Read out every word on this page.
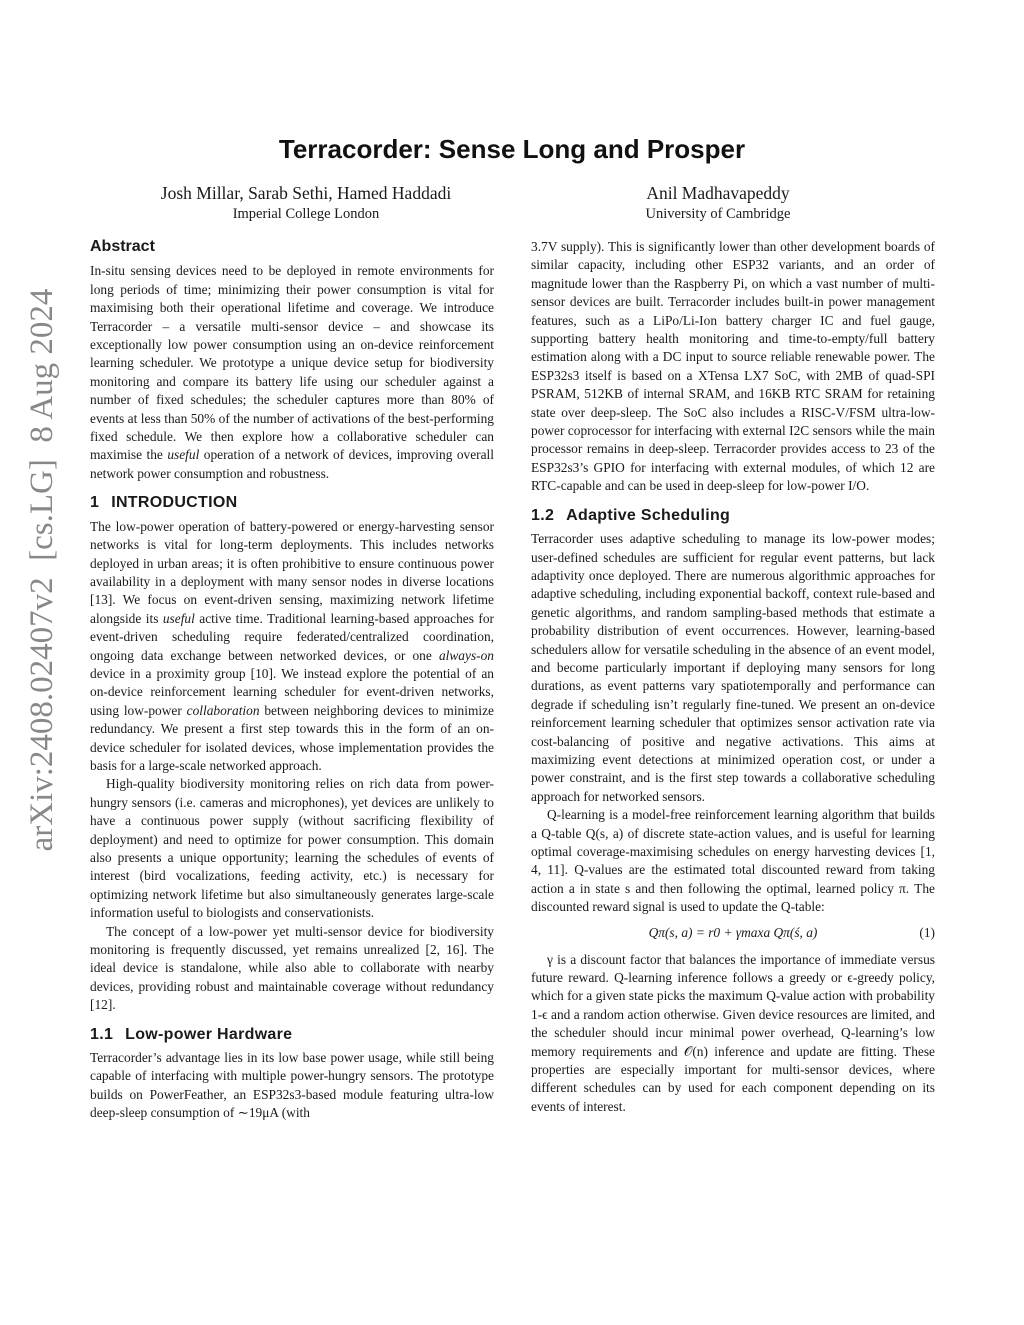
arXiv:2408.02407v2  [cs.LG]  8 Aug 2024
Terracorder: Sense Long and Prosper
Josh Millar, Sarab Sethi, Hamed Haddadi
Imperial College London
Anil Madhavapeddy
University of Cambridge
Abstract

In-situ sensing devices need to be deployed in remote environments for long periods of time; minimizing their power consumption is vital for maximising both their operational lifetime and coverage. We introduce Terracorder – a versatile multi-sensor device – and showcase its exceptionally low power consumption using an on-device reinforcement learning scheduler. We prototype a unique device setup for biodiversity monitoring and compare its battery life using our scheduler against a number of fixed schedules; the scheduler captures more than 80% of events at less than 50% of the number of activations of the best-performing fixed schedule. We then explore how a collaborative scheduler can maximise the useful operation of a network of devices, improving overall network power consumption and robustness.

1 INTRODUCTION

The low-power operation of battery-powered or energy-harvesting sensor networks is vital for long-term deployments. This includes networks deployed in urban areas; it is often prohibitive to ensure continuous power availability in a deployment with many sensor nodes in diverse locations [13]. We focus on event-driven sensing, maximizing network lifetime alongside its useful active time. Traditional learning-based approaches for event-driven scheduling require federated/centralized coordination, ongoing data exchange between networked devices, or one always-on device in a proximity group [10]. We instead explore the potential of an on-device reinforcement learning scheduler for event-driven networks, using low-power collaboration between neighboring devices to minimize redundancy. We present a first step towards this in the form of an on-device scheduler for isolated devices, whose implementation provides the basis for a large-scale networked approach.

High-quality biodiversity monitoring relies on rich data from power-hungry sensors (i.e. cameras and microphones), yet devices are unlikely to have a continuous power supply (without sacrificing flexibility of deployment) and need to optimize for power consumption. This domain also presents a unique opportunity; learning the schedules of events of interest (bird vocalizations, feeding activity, etc.) is necessary for optimizing network lifetime but also simultaneously generates large-scale information useful to biologists and conservationists.

The concept of a low-power yet multi-sensor device for biodiversity monitoring is frequently discussed, yet remains unrealized [2, 16]. The ideal device is standalone, while also able to collaborate with nearby devices, providing robust and maintainable coverage without redundancy [12].

1.1 Low-power Hardware

Terracorder’s advantage lies in its low base power usage, while still being capable of interfacing with multiple power-hungry sensors. The prototype builds on PowerFeather, an ESP32s3-based module featuring ultra-low deep-sleep consumption of ∼19μA (with

3.7V supply). This is significantly lower than other development boards of similar capacity, including other ESP32 variants, and an order of magnitude lower than the Raspberry Pi, on which a vast number of multi-sensor devices are built. Terracorder includes built-in power management features, such as a LiPo/Li-Ion battery charger IC and fuel gauge, supporting battery health monitoring and time-to-empty/full battery estimation along with a DC input to source reliable renewable power. The ESP32s3 itself is based on a XTensa LX7 SoC, with 2MB of quad-SPI PSRAM, 512KB of internal SRAM, and 16KB RTC SRAM for retaining state over deep-sleep. The SoC also includes a RISC-V/FSM ultra-low-power coprocessor for interfacing with external I2C sensors while the main processor remains in deep-sleep. Terracorder provides access to 23 of the ESP32s3’s GPIO for interfacing with external modules, of which 12 are RTC-capable and can be used in deep-sleep for low-power I/O.

1.2 Adaptive Scheduling

Terracorder uses adaptive scheduling to manage its low-power modes; user-defined schedules are sufficient for regular event patterns, but lack adaptivity once deployed. There are numerous algorithmic approaches for adaptive scheduling, including exponential backoff, context rule-based and genetic algorithms, and random sampling-based methods that estimate a probability distribution of event occurrences. However, learning-based schedulers allow for versatile scheduling in the absence of an event model, and become particularly important if deploying many sensors for long durations, as event patterns vary spatiotemporally and performance can degrade if scheduling isn’t regularly fine-tuned. We present an on-device reinforcement learning scheduler that optimizes sensor activation rate via cost-balancing of positive and negative activations. This aims at maximizing event detections at minimized operation cost, or under a power constraint, and is the first step towards a collaborative scheduling approach for networked sensors.

Q-learning is a model-free reinforcement learning algorithm that builds a Q-table Q(s, a) of discrete state-action values, and is useful for learning optimal coverage-maximising schedules on energy harvesting devices [1, 4, 11]. Q-values are the estimated total discounted reward from taking action a in state s and then following the optimal, learned policy π. The discounted reward signal is used to update the Q-table:

Qπ(s, a) = r0 + γmaxa Qπ(ś, a)	(1)

γ is a discount factor that balances the importance of immediate versus future reward. Q-learning inference follows a greedy or ϵ-greedy policy, which for a given state picks the maximum Q-value action with probability 1-ϵ and a random action otherwise. Given device resources are limited, and the scheduler should incur minimal power overhead, Q-learning’s low memory requirements and 𝒪(n) inference and update are fitting. These properties are especially important for multi-sensor devices, where different schedules can by used for each component depending on its events of interest.
